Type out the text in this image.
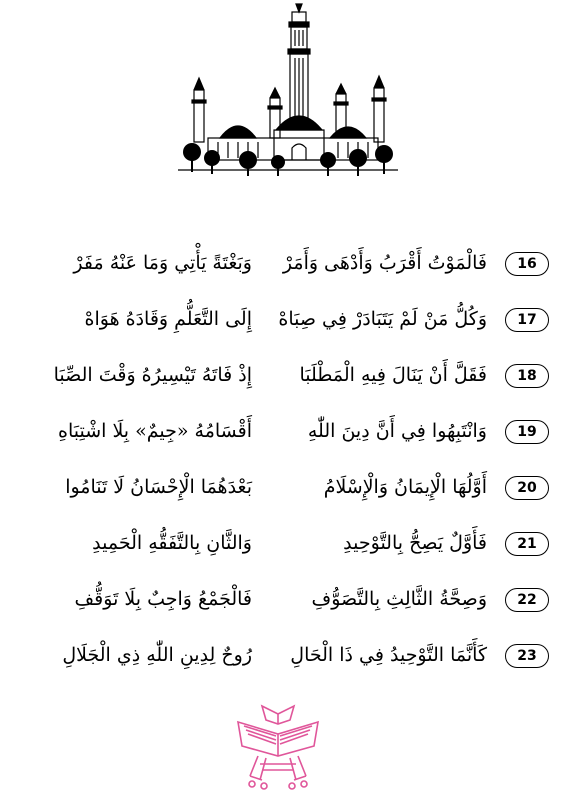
16
فَالْمَوْتُ أَقْرَبُ وَأَدْهَى وَأَمَرْ
وَبَغْتَةً يَأْتِي وَمَا عَنْهُ مَفَرْ
17
وَكُلُّ مَنْ لَمْ يَتَبَادَرْ فِي صِبَاهْ
إِلَى التَّعَلُّمِ وَقَادَهُ هَوَاهْ
18
فَقَلَّ أَنْ يَنَالَ فِيهِ الْمَطْلَبَا
إِذْ فَاتَهُ تَيْسِيرُهُ وَقْتَ الصِّبَا
19
وَانْتَبِهُوا فِي أَنَّ دِينَ اللّٰهِ
أَقْسَامُهُ «جِيمٌ» بِلَا اشْتِبَاهِ
20
أَوَّلُهَا الْإِيمَانُ وَالْإِسْلَامُ
بَعْدَهُمَا الْإِحْسَانُ لَا تَنَامُوا
21
فَأَوَّلٌ يَصِحُّ بِالتَّوْحِيدِ
وَالثَّانِ بِالتَّفَقُّهِ الْحَمِيدِ
22
وَصِحَّةُ الثَّالِثِ بِالتَّصَوُّفِ
فَالْجَمْعُ وَاجِبٌ بِلَا تَوَقُّفِ
23
كَأَنَّمَا التَّوْحِيدُ فِي ذَا الْحَالِ
رُوحٌ لِدِينِ اللّٰهِ ذِي الْجَلَالِ
